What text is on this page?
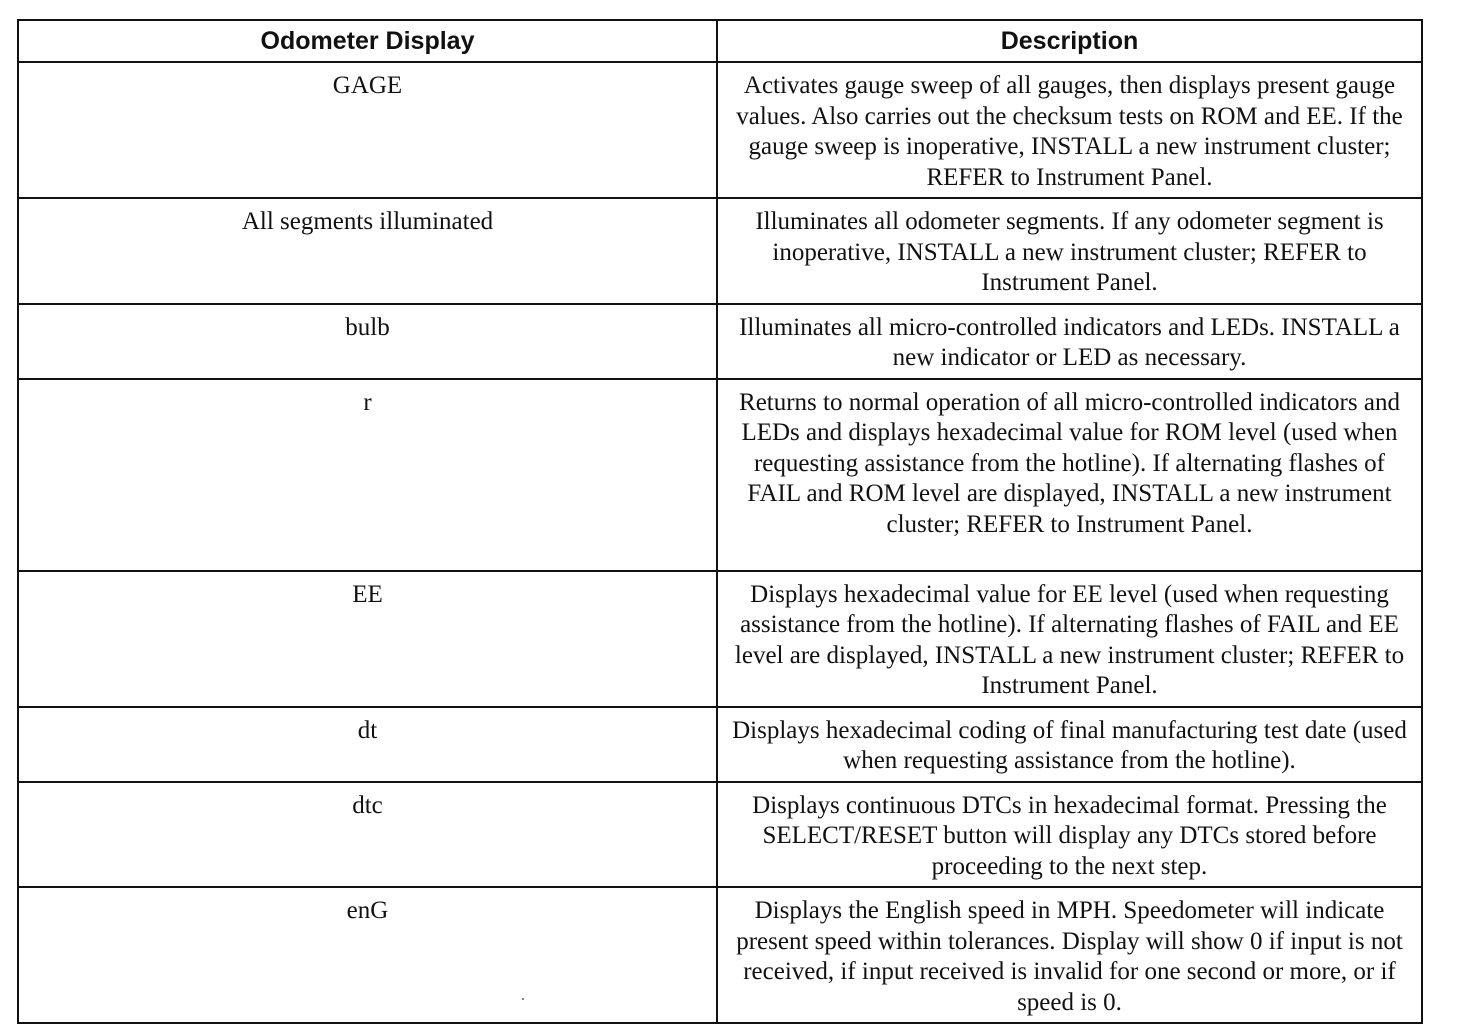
Odometer Display	Description
GAGE	Activates gauge sweep of all gauges, then displays present gauge values. Also carries out the checksum tests on ROM and EE. If the gauge sweep is inoperative, INSTALL a new instrument cluster; REFER to Instrument Panel.
All segments illuminated	Illuminates all odometer segments. If any odometer segment is inoperative, INSTALL a new instrument cluster; REFER to Instrument Panel.
bulb	Illuminates all micro-controlled indicators and LEDs. INSTALL a new indicator or LED as necessary.
r	Returns to normal operation of all micro-controlled indicators and LEDs and displays hexadecimal value for ROM level (used when requesting assistance from the hotline). If alternating flashes of FAIL and ROM level are displayed, INSTALL a new instrument cluster; REFER to Instrument Panel.
EE	Displays hexadecimal value for EE level (used when requesting assistance from the hotline). If alternating flashes of FAIL and EE level are displayed, INSTALL a new instrument cluster; REFER to Instrument Panel.
dt	Displays hexadecimal coding of final manufacturing test date (used when requesting assistance from the hotline).
dtc	Displays continuous DTCs in hexadecimal format. Pressing the SELECT/RESET button will display any DTCs stored before proceeding to the next step.
enG	Displays the English speed in MPH. Speedometer will indicate present speed within tolerances. Display will show 0 if input is not received, if input received is invalid for one second or more, or if speed is 0.
